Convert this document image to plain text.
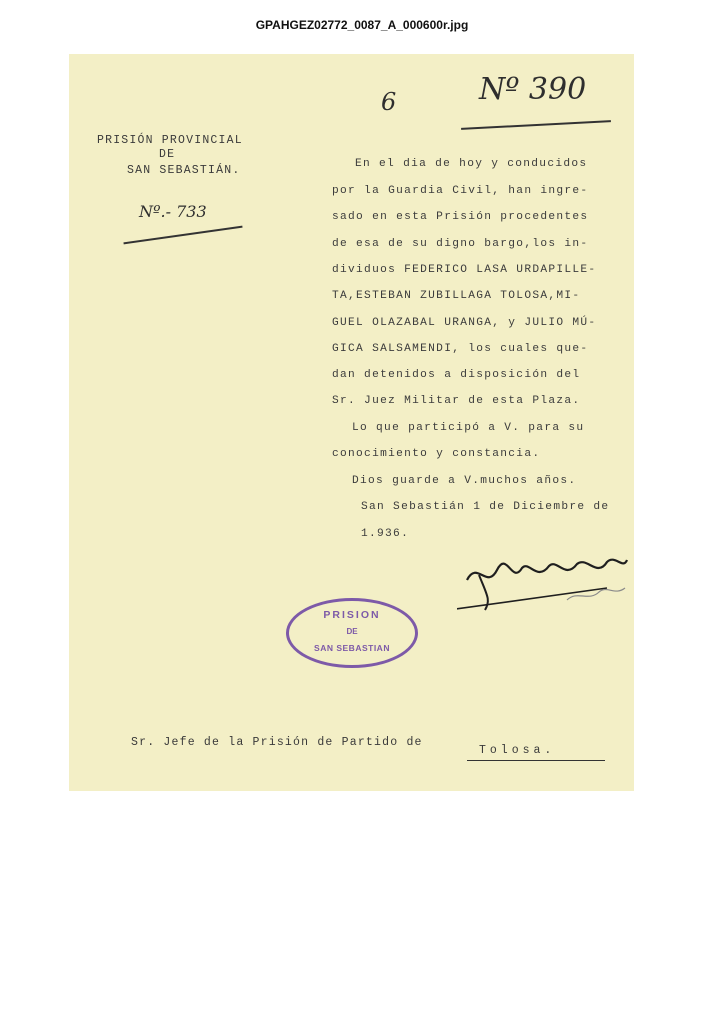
GPAHGEZ02772_0087_A_000600r.jpg
6	Nº 390
PRISIÓN PROVINCIAL
DE
SAN SEBASTIÁN.
Nº.- 733
En el dia de hoy y conducidos
por la Guardia Civil, han ingre-
sado en esta Prisión procedentes
de esa de su digno bargo,los in-
dividuos FEDERICO LASA URDAPILLE-
TA,ESTEBAN ZUBILLAGA TOLOSA,MI-
GUEL OLAZABAL URANGA, y JULIO MÚ-
GICA SALSAMENDI, los cuales que-
dan detenidos a disposición del
Sr. Juez Militar de esta Plaza.
Lo que participó a V. para su
conocimiento y constancia.
Dios guarde a V.muchos años.
San Sebastián 1 de Diciembre de
1.936.
PRISION
DE
SAN SEBASTIAN
Sr. Jefe de la Prisión de Partido de
Tolosa.
